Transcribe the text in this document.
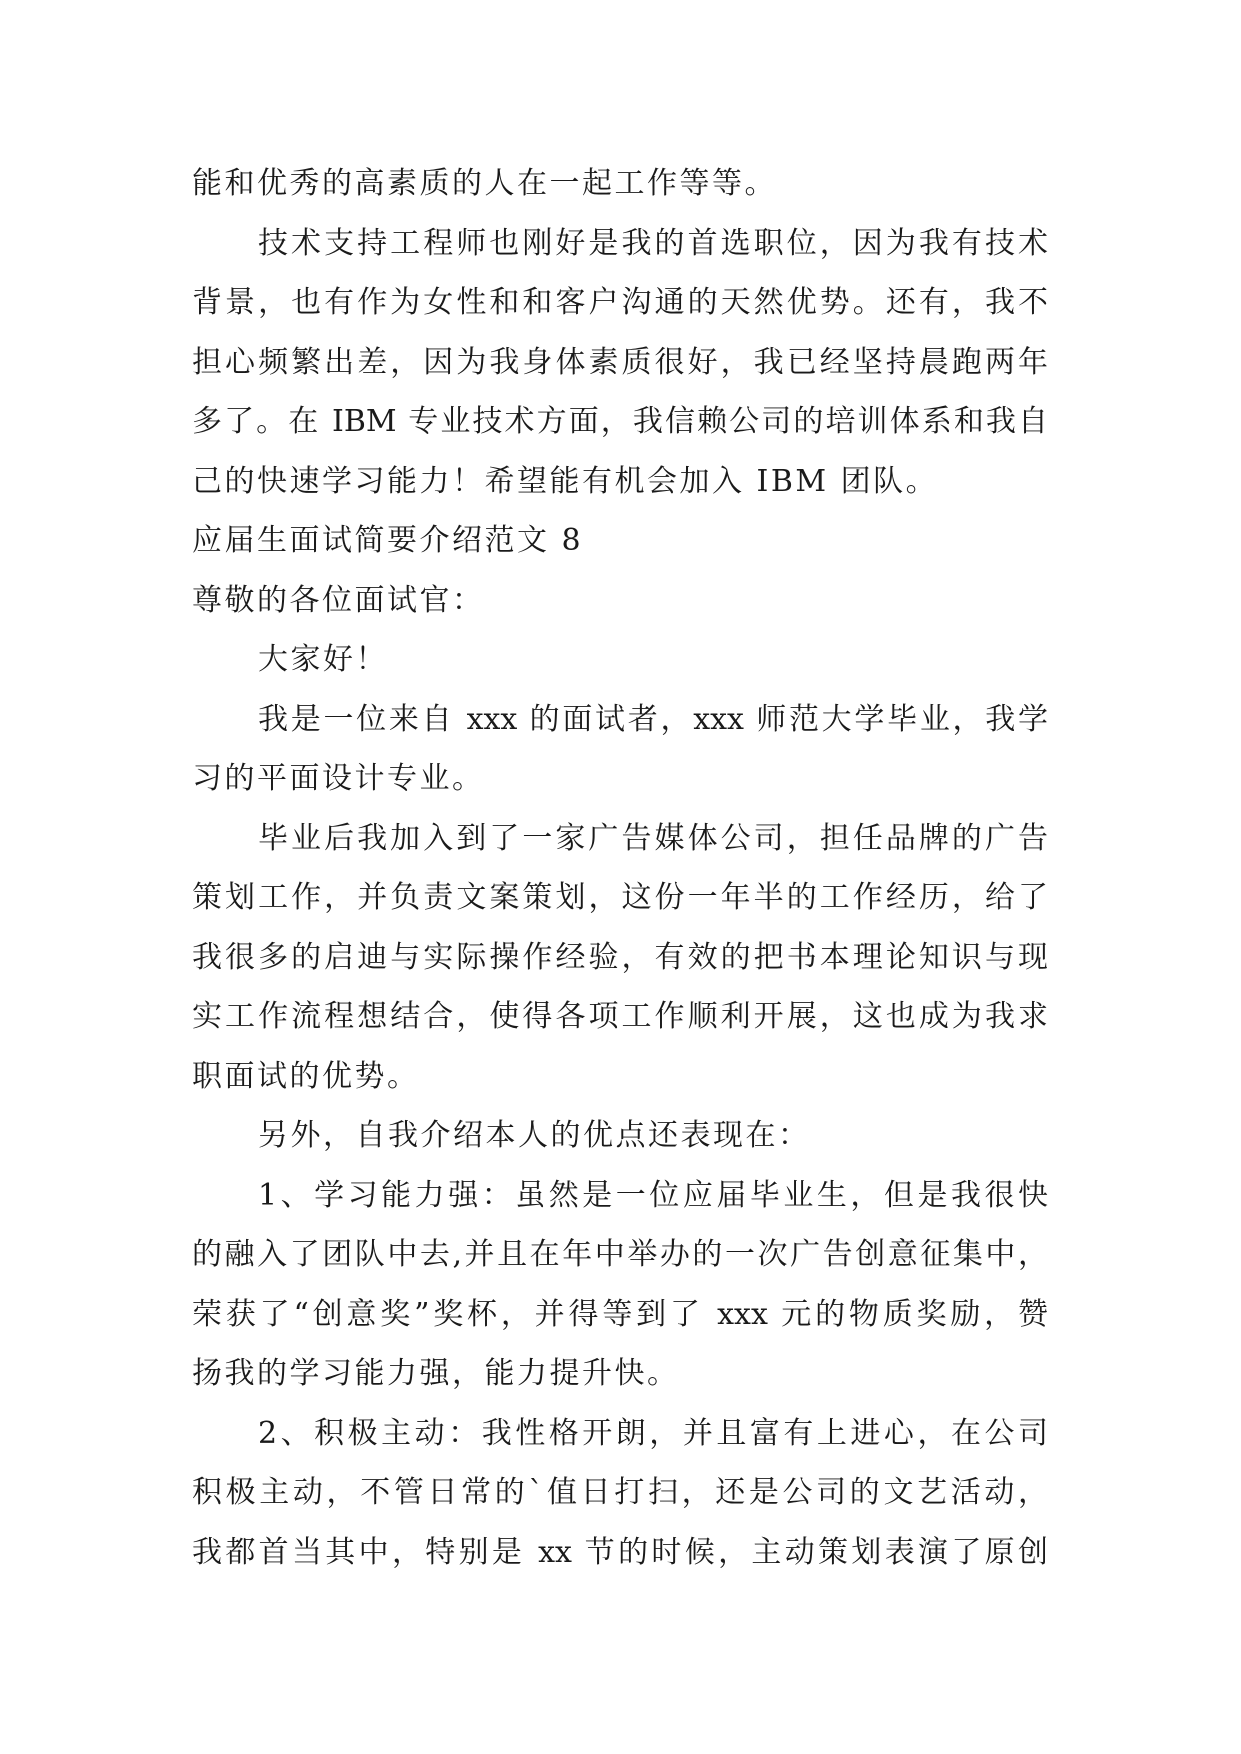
能和优秀的高素质的人在一起工作等等。
技术支持工程师也刚好是我的首选职位，因为我有技术
背景，也有作为女性和和客户沟通的天然优势。还有，我不
担心频繁出差，因为我身体素质很好，我已经坚持晨跑两年
多了。在 IBM 专业技术方面，我信赖公司的培训体系和我自
己的快速学习能力！希望能有机会加入 IBM 团队。
应届生面试简要介绍范文 8
尊敬的各位面试官：
大家好！
我是一位来自 xxx 的面试者，xxx 师范大学毕业，我学
习的平面设计专业。
毕业后我加入到了一家广告媒体公司，担任品牌的广告
策划工作，并负责文案策划，这份一年半的工作经历，给了
我很多的启迪与实际操作经验，有效的把书本理论知识与现
实工作流程想结合，使得各项工作顺利开展，这也成为我求
职面试的优势。
另外，自我介绍本人的优点还表现在：
1、学习能力强：虽然是一位应届毕业生，但是我很快
的融入了团队中去,并且在年中举办的一次广告创意征集中，
荣获了“创意奖”奖杯，并得等到了 xxx 元的物质奖励，赞
扬我的学习能力强，能力提升快。
2、积极主动：我性格开朗，并且富有上进心，在公司
积极主动，不管日常的`值日打扫，还是公司的文艺活动，
我都首当其中，特别是 xx 节的时候，主动策划表演了原创
